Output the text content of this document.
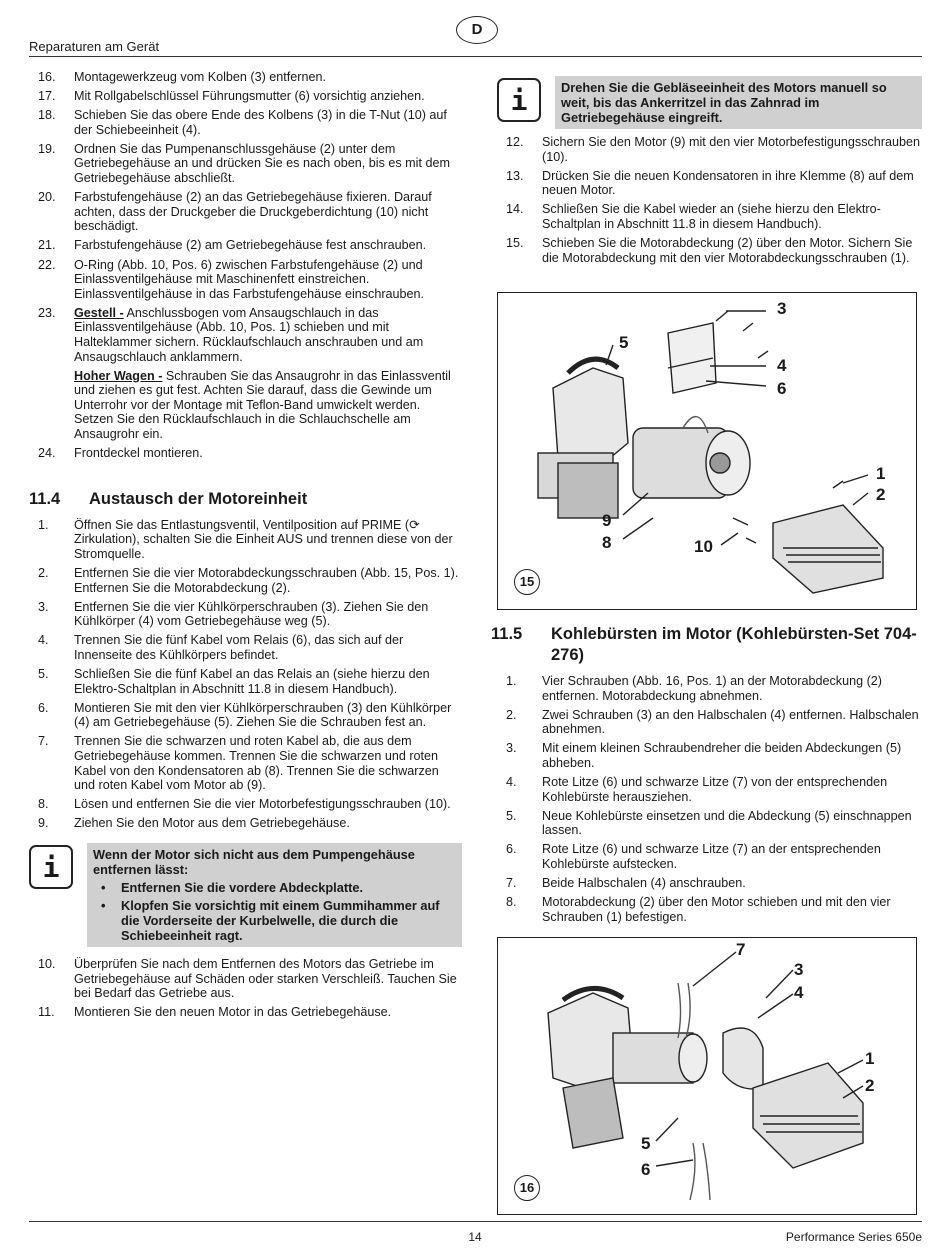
D
Reparaturen am Gerät
16. Montagewerkzeug vom Kolben (3) entfernen.
17. Mit Rollgabelschlüssel Führungsmutter (6) vorsichtig anziehen.
18. Schieben Sie das obere Ende des Kolbens (3) in die T-Nut (10) auf der Schiebeeinheit (4).
19. Ordnen Sie das Pumpenanschlussgehäuse (2) unter dem Getriebegehäuse an und drücken Sie es nach oben, bis es mit dem Getriebegehäuse abschließt.
20. Farbstufengehäuse (2) an das Getriebegehäuse fixieren. Darauf achten, dass der Druckgeber die Druckgeberdichtung (10) nicht beschädigt.
21. Farbstufengehäuse (2) am Getriebegehäuse fest anschrauben.
22. O-Ring (Abb. 10, Pos. 6) zwischen Farbstufengehäuse (2) und Einlassventilgehäuse mit Maschinenfett einstreichen. Einlassventilgehäuse in das Farbstufengehäuse einschrauben.
23. Gestell - Anschlussbogen vom Ansaugschlauch in das Einlassventilgehäuse (Abb. 10, Pos. 1) schieben und mit Halteklammer sichern. Rücklaufschlauch anschrauben und am Ansaugschlauch anklammern.
Hoher Wagen - Schrauben Sie das Ansaugrohr in das Einlassventil und ziehen es gut fest. Achten Sie darauf, dass die Gewinde um Unterrohr vor der Montage mit Teflon-Band umwickelt werden. Setzen Sie den Rücklaufschlauch in die Schlauchschelle am Ansaugrohr ein.
24. Frontdeckel montieren.
11.4	Austausch der Motoreinheit
1. Öffnen Sie das Entlastungsventil, Ventilposition auf PRIME (⟳ Zirkulation), schalten Sie die Einheit AUS und trennen diese von der Stromquelle.
2. Entfernen Sie die vier Motorabdeckungsschrauben (Abb. 15, Pos. 1). Entfernen Sie die Motorabdeckung (2).
3. Entfernen Sie die vier Kühlkörperschrauben (3). Ziehen Sie den Kühlkörper (4) vom Getriebegehäuse weg (5).
4. Trennen Sie die fünf Kabel vom Relais (6), das sich auf der Innenseite des Kühlkörpers befindet.
5. Schließen Sie die fünf Kabel an das Relais an (siehe hierzu den Elektro-Schaltplan in Abschnitt 11.8 in diesem Handbuch).
6. Montieren Sie mit den vier Kühlkörperschrauben (3) den Kühlkörper (4) am Getriebegehäuse (5). Ziehen Sie die Schrauben fest an.
7. Trennen Sie die schwarzen und roten Kabel ab, die aus dem Getriebegehäuse kommen. Trennen Sie die schwarzen und roten Kabel von den Kondensatoren ab (8). Trennen Sie die schwarzen und roten Kabel vom Motor ab (9).
8. Lösen und entfernen Sie die vier Motorbefestigungsschrauben (10).
9. Ziehen Sie den Motor aus dem Getriebegehäuse.
i	Wenn der Motor sich nicht aus dem Pumpengehäuse entfernen lässt:
• Entfernen Sie die vordere Abdeckplatte.
• Klopfen Sie vorsichtig mit einem Gummihammer auf die Vorderseite der Kurbelwelle, die durch die Schiebeeinheit ragt.
10. Überprüfen Sie nach dem Entfernen des Motors das Getriebe im Getriebegehäuse auf Schäden oder starken Verschleiß. Tauchen Sie bei Bedarf das Getriebe aus.
11. Montieren Sie den neuen Motor in das Getriebegehäuse.
i	Drehen Sie die Gebläseeinheit des Motors manuell so weit, bis das Ankerritzel in das Zahnrad im Getriebegehäuse eingreift.
12. Sichern Sie den Motor (9) mit den vier Motorbefestigungsschrauben (10).
13. Drücken Sie die neuen Kondensatoren in ihre Klemme (8) auf dem neuen Motor.
14. Schließen Sie die Kabel wieder an (siehe hierzu den Elektro-Schaltplan in Abschnitt 11.8 in diesem Handbuch).
15. Schieben Sie die Motorabdeckung (2) über den Motor. Sichern Sie die Motorabdeckung mit den vier Motorabdeckungsschrauben (1).
3
5
4
6
1
2
9
8	10
15
11.5	Kohlebürsten im Motor (Kohlebürsten-Set 704-276)
1. Vier Schrauben (Abb. 16, Pos. 1) an der Motorabdeckung (2) entfernen. Motorabdeckung abnehmen.
2. Zwei Schrauben (3) an den Halbschalen (4) entfernen. Halbschalen abnehmen.
3. Mit einem kleinen Schraubendreher die beiden Abdeckungen (5) abheben.
4. Rote Litze (6) und schwarze Litze (7) von der entsprechenden Kohlebürste herausziehen.
5. Neue Kohlebürste einsetzen und die Abdeckung (5) einschnappen lassen.
6. Rote Litze (6) und schwarze Litze (7) an der entsprechenden Kohlebürste aufstecken.
7. Beide Halbschalen (4) anschrauben.
8. Motorabdeckung (2) über den Motor schieben und mit den vier Schrauben (1) befestigen.
7
3
4
1
2
5
6
16
14	Performance Series 650e
